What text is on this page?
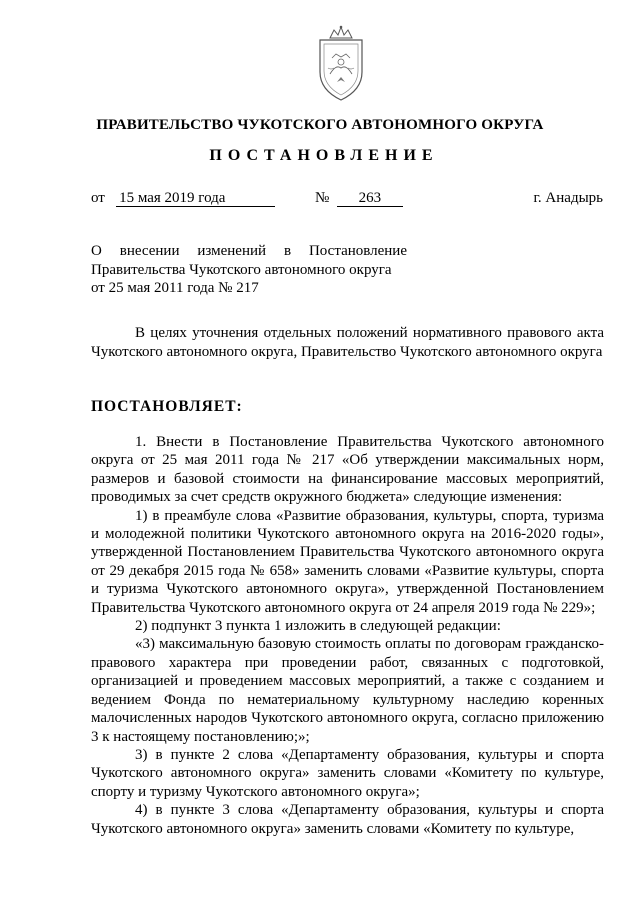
ПРАВИТЕЛЬСТВО ЧУКОТСКОГО АВТОНОМНОГО ОКРУГА
ПОСТАНОВЛЕНИЕ
от 15 мая 2019 года	№ 263	г. Анадырь
О внесении изменений в Постановление
Правительства Чукотского автономного округа
от 25 мая 2011 года № 217

В целях уточнения отдельных положений нормативного правового акта Чукотского автономного округа, Правительство Чукотского автономного округа

ПОСТАНОВЛЯЕТ:

1. Внести в Постановление Правительства Чукотского автономного округа от 25 мая 2011 года № 217 «Об утверждении максимальных норм, размеров и базовой стоимости на финансирование массовых мероприятий, проводимых за счет средств окружного бюджета» следующие изменения:

1) в преамбуле слова «Развитие образования, культуры, спорта, туризма и молодежной политики Чукотского автономного округа на 2016-2020 годы», утвержденной Постановлением Правительства Чукотского автономного округа от 29 декабря 2015 года № 658» заменить словами «Развитие культуры, спорта и туризма Чукотского автономного округа», утвержденной Постановлением Правительства Чукотского автономного округа от 24 апреля 2019 года № 229»;

2) подпункт 3 пункта 1 изложить в следующей редакции:

«3) максимальную базовую стоимость оплаты по договорам гражданско-правового характера при проведении работ, связанных с подготовкой, организацией и проведением массовых мероприятий, а также с созданием и ведением Фонда по нематериальному культурному наследию коренных малочисленных народов Чукотского автономного округа, согласно приложению 3 к настоящему постановлению;»;

3) в пункте 2 слова «Департаменту образования, культуры и спорта Чукотского автономного округа» заменить словами «Комитету по культуре, спорту и туризму Чукотского автономного округа»;

4) в пункте 3 слова «Департаменту образования, культуры и спорта Чукотского автономного округа» заменить словами «Комитету по культуре,
